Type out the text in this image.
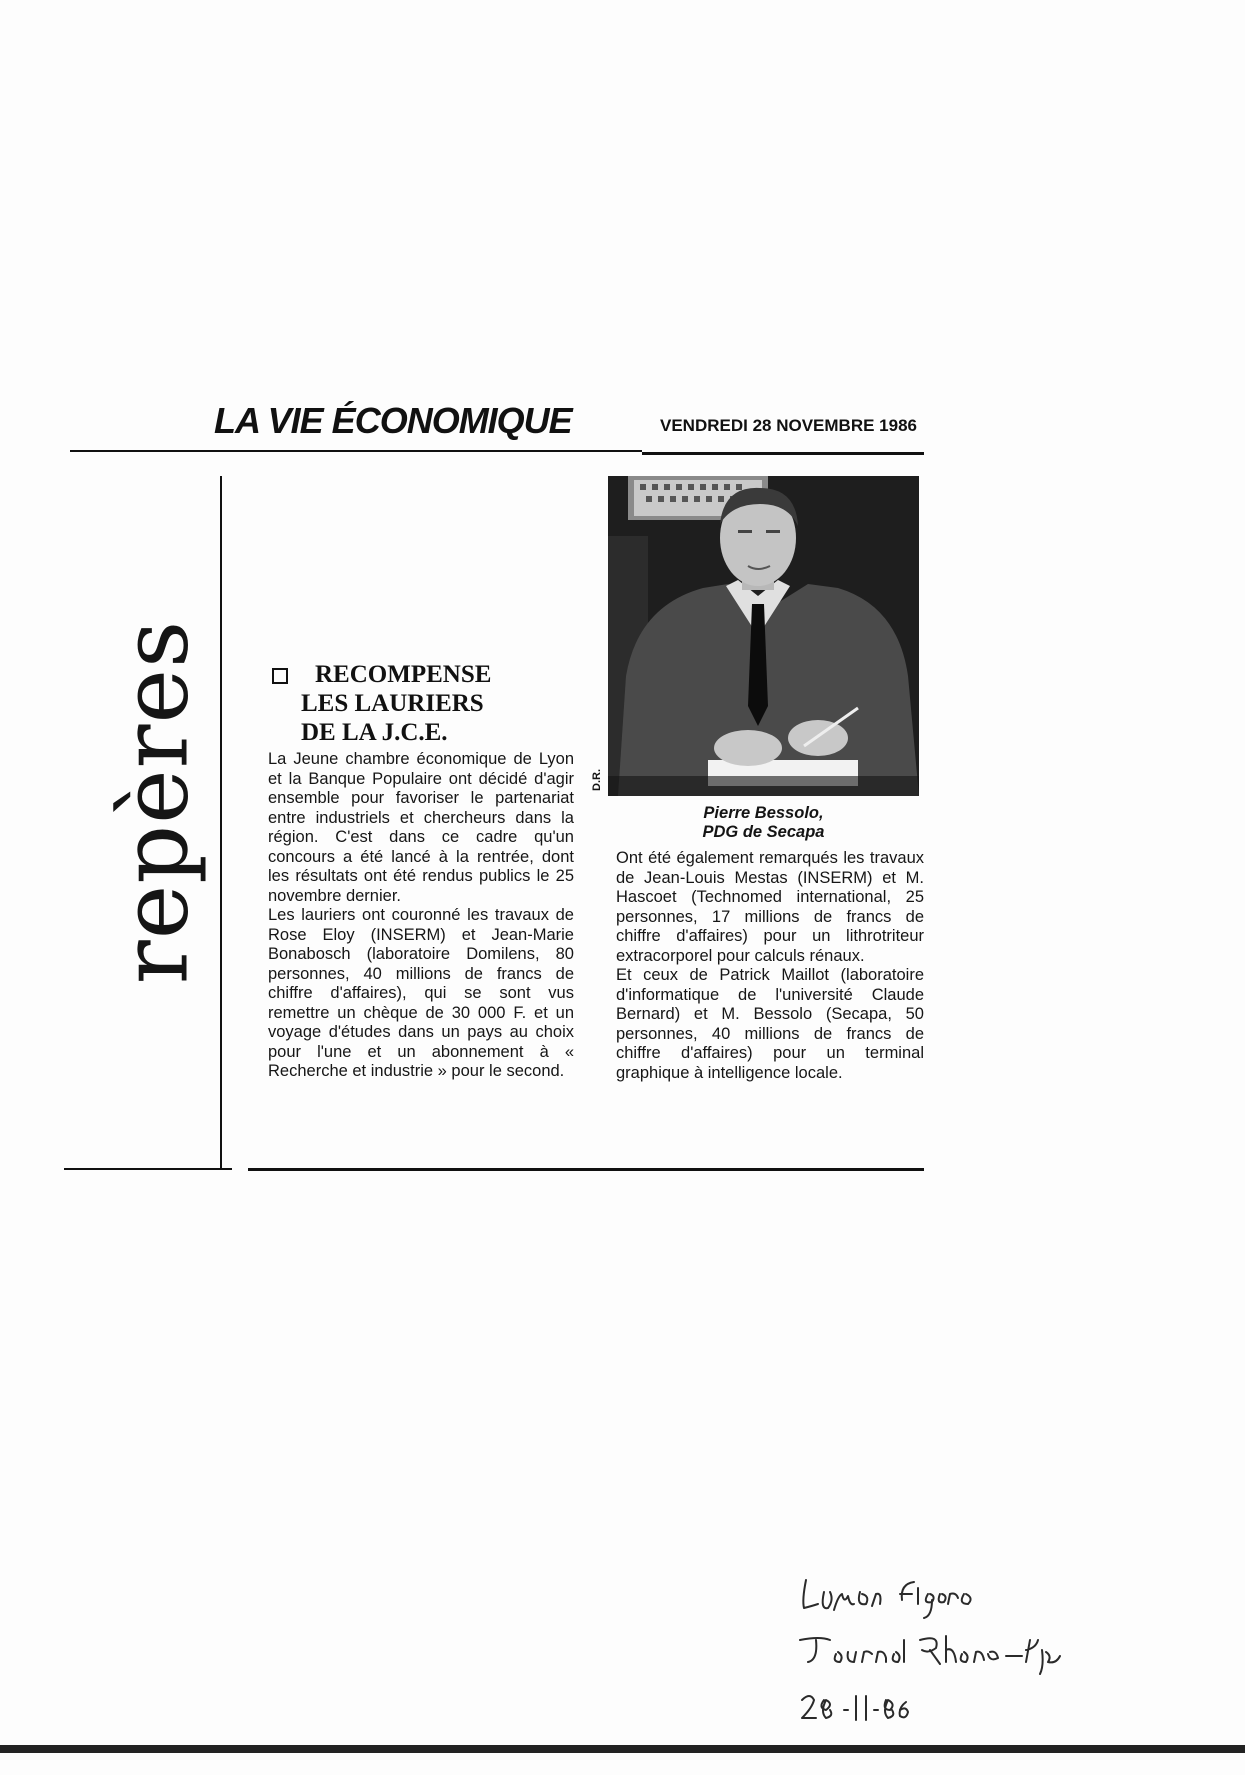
LA VIE ÉCONOMIQUE	VENDREDI 28 NOVEMBRE 1986
repères	RECOMPENSE
LES LAURIERS
DE LA J.C.E.

La Jeune chambre économique de Lyon et la Banque Populaire ont décidé d'agir ensemble pour favoriser le partenariat entre industriels et chercheurs dans la région. C'est dans ce cadre qu'un concours a été lancé à la rentrée, dont les résultats ont été rendus publics le 25 novembre dernier.

Les lauriers ont couronné les travaux de Rose Eloy (INSERM) et Jean-Marie Bonabosch (laboratoire Domilens, 80 personnes, 40 millions de francs de chiffre d'affaires), qui se sont vus remettre un chèque de 30 000 F. et un voyage d'études dans un pays au choix pour l'une et un abonnement à « Recherche et industrie » pour le second.

D.R.
Pierre Bessolo,
PDG de Secapa

Ont été également remarqués les travaux de Jean-Louis Mestas (INSERM) et M. Hascoet (Technomed international, 25 personnes, 17 millions de francs de chiffre d'affaires) pour un lithrotriteur extracorporel pour calculs rénaux.

Et ceux de Patrick Maillot (laboratoire d'informatique de l'université Claude Bernard) et M. Bessolo (Secapa, 50 personnes, 40 millions de francs de chiffre d'affaires) pour un terminal graphique à intelligence locale.
